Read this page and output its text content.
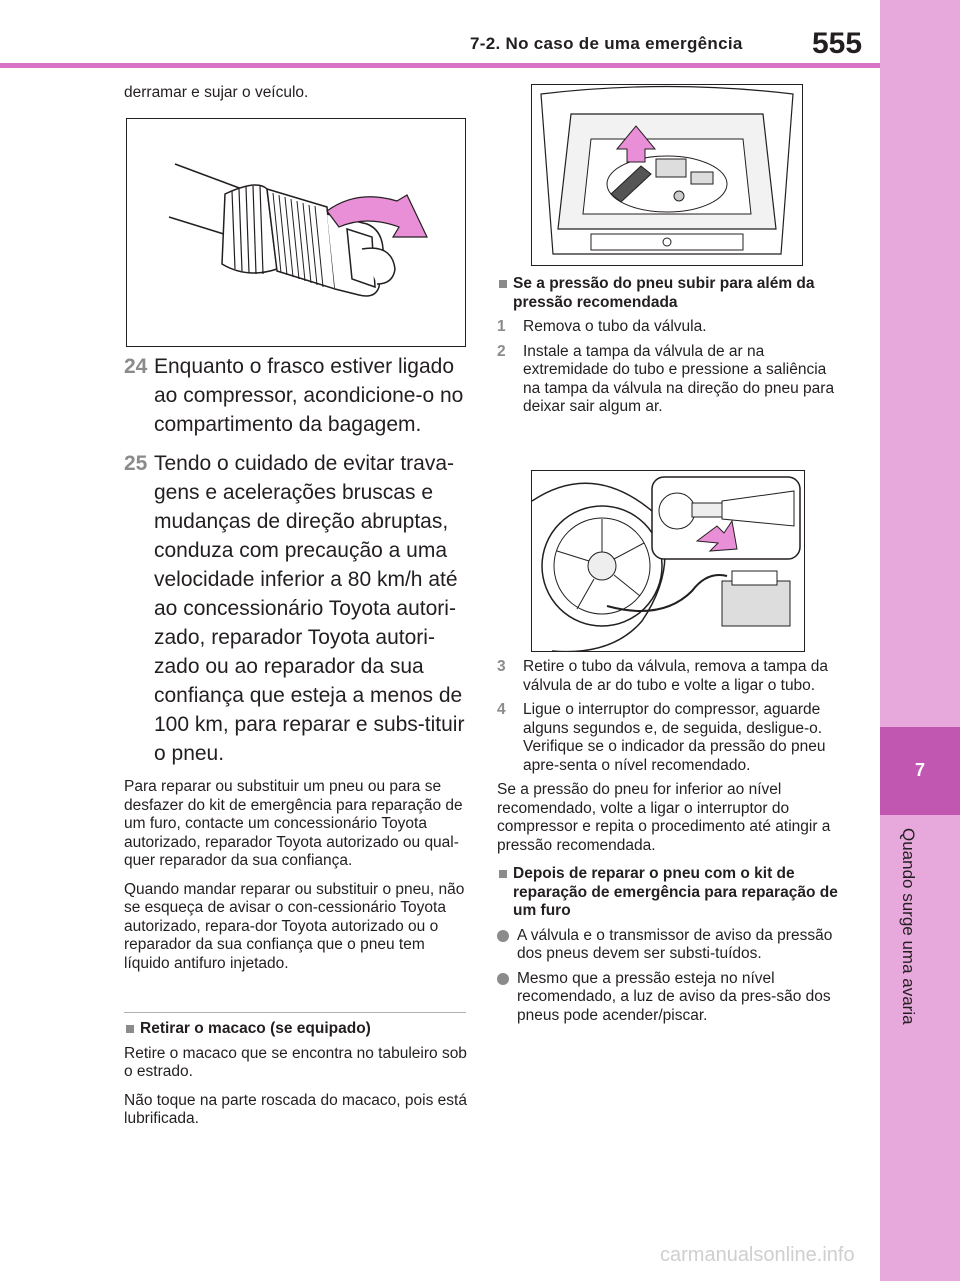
7-2. No caso de uma emergência 555
7
Quando surge uma avaria

derramar e sujar o veículo.

24 Enquanto o frasco estiver ligado ao compressor, acondicione-o no compartimento da bagagem.
25 Tendo o cuidado de evitar trava-gens e acelerações bruscas e mudanças de direção abruptas, conduza com precaução a uma velocidade inferior a 80 km/h até ao concessionário Toyota autori-zado, reparador Toyota autori-zado ou ao reparador da sua confiança que esteja a menos de 100 km, para reparar e subs-tituir o pneu.

Para reparar ou substituir um pneu ou para se desfazer do kit de emergência para reparação de um furo, contacte um concessionário Toyota autorizado, reparador Toyota autorizado ou qual-quer reparador da sua confiança.

Quando mandar reparar ou substituir o pneu, não se esqueça de avisar o con-cessionário Toyota autorizado, repara-dor Toyota autorizado ou o reparador da sua confiança que o pneu tem líquido antifuro injetado.

Retirar o macaco (se equipado)

Retire o macaco que se encontra no tabuleiro sob o estrado.

Não toque na parte roscada do macaco, pois está lubrificada.

Se a pressão do pneu subir para além da pressão recomendada
1	Remova o tubo da válvula.
2	Instale a tampa da válvula de ar na extremidade do tubo e pressione a saliência na tampa da válvula na direção do pneu para deixar sair algum ar.
3	Retire o tubo da válvula, remova a tampa da válvula de ar do tubo e volte a ligar o tubo.
4	Ligue o interruptor do compressor, aguarde alguns segundos e, de seguida, desligue-o. Verifique se o indicador da pressão do pneu apre-senta o nível recomendado.

Se a pressão do pneu for inferior ao nível recomendado, volte a ligar o interruptor do compressor e repita o procedimento até atingir a pressão recomendada.

Depois de reparar o pneu com o kit de reparação de emergência para reparação de um furo
A válvula e o transmissor de aviso da pressão dos pneus devem ser substi-tuídos.
Mesmo que a pressão esteja no nível recomendado, a luz de aviso da pres-são dos pneus pode acender/piscar.
carmanualsonline.info
